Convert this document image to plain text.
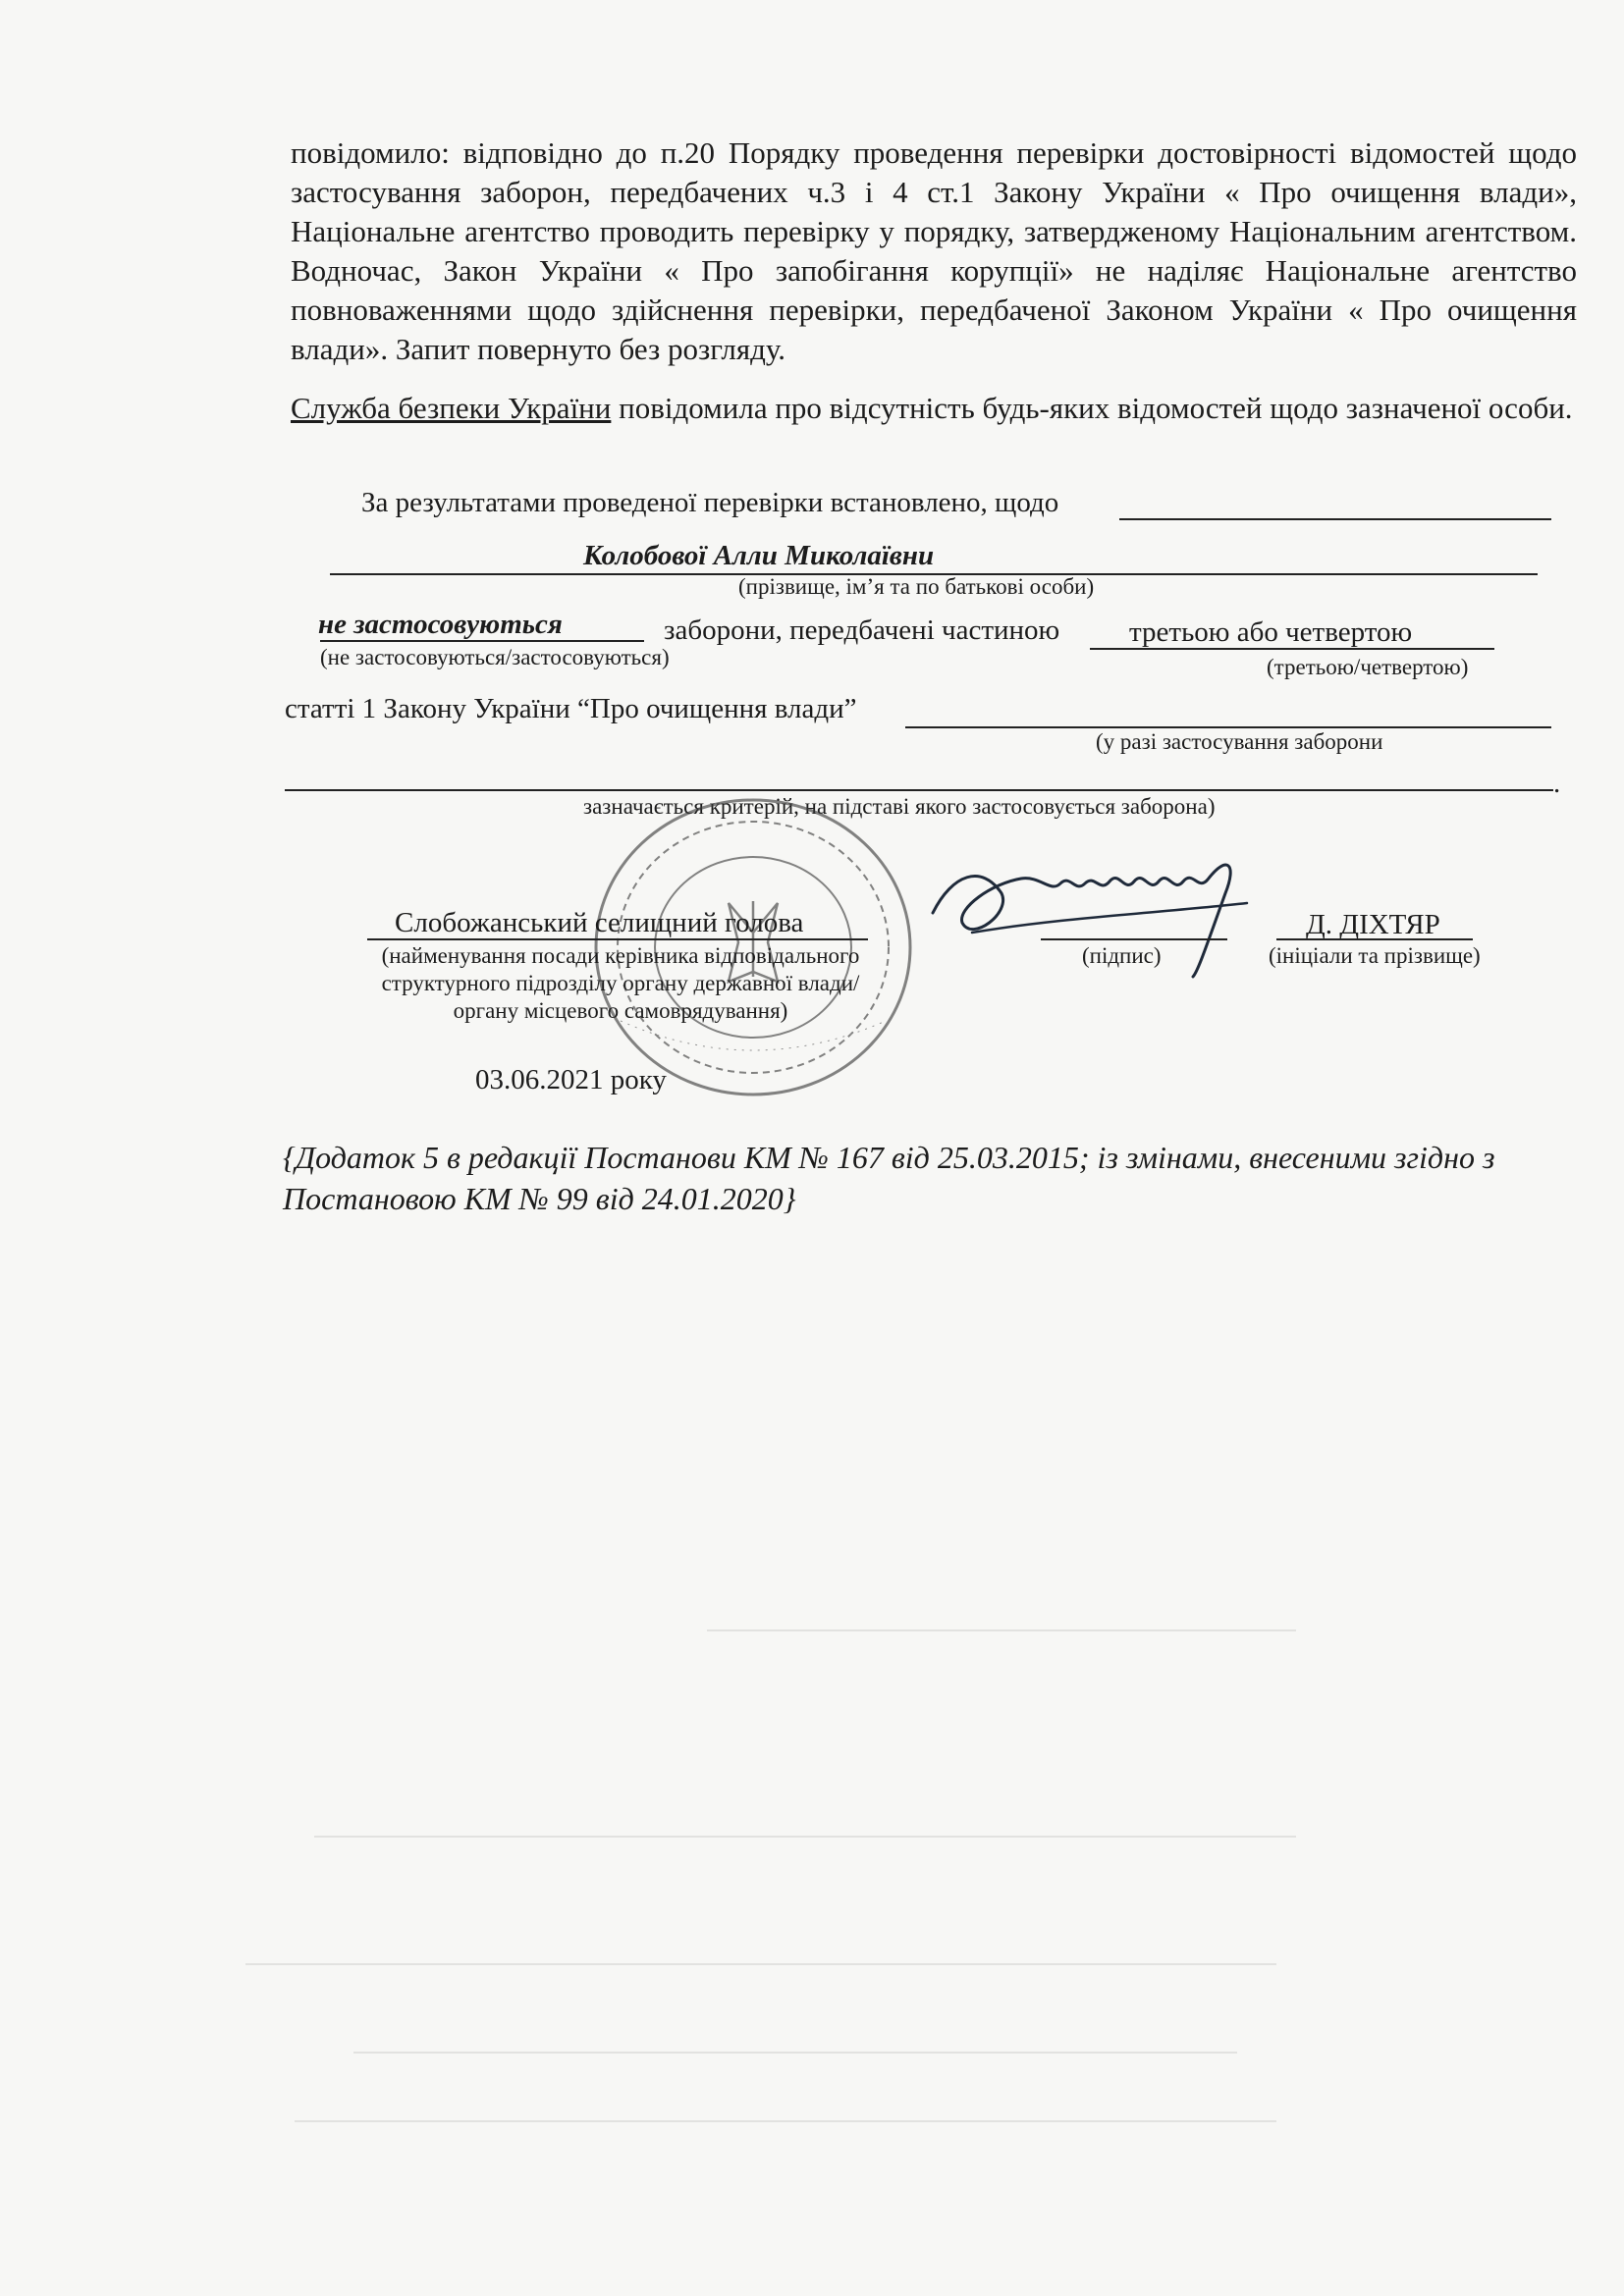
повідомило: відповідно до п.20 Порядку проведення перевірки достовірності відомостей щодо застосування заборон, передбачених ч.3 і 4 ст.1 Закону України « Про очищення влади», Національне агентство проводить перевірку у порядку, затвердженому Національним агентством. Водночас, Закон України « Про запобігання корупції» не наділяє Національне агентство повноваженнями щодо здійснення перевірки, передбаченої Законом України « Про очищення влади». Запит повернуто без розгляду.

Служба безпеки України повідомила про відсутність будь-яких відомостей щодо зазначеної особи.

За результатами проведеної перевірки встановлено, щодо
Колобової Алли Миколаївни
(прізвище, ім’я та по батькові особи)
не застосовуються
(не застосовуються/застосовуються)
заборони, передбачені частиною третьою або четвертою
(третьою/четвертою)
статті 1 Закону України “Про очищення влади”
(у разі застосування заборони
.
зазначається критерій, на підставі якого застосовується заборона)
Слобожанський селищний голова
(найменування посади керівника відповідального структурного підрозділу органу державної влади/органу місцевого самоврядування)
(підпис)
Д. ДІХТЯР
(ініціали та прізвище)
03.06.2021 року

{Додаток 5 в редакції Постанови КМ № 167 від 25.03.2015; із змінами, внесеними згідно з Постановою КМ № 99 від 24.01.2020}
